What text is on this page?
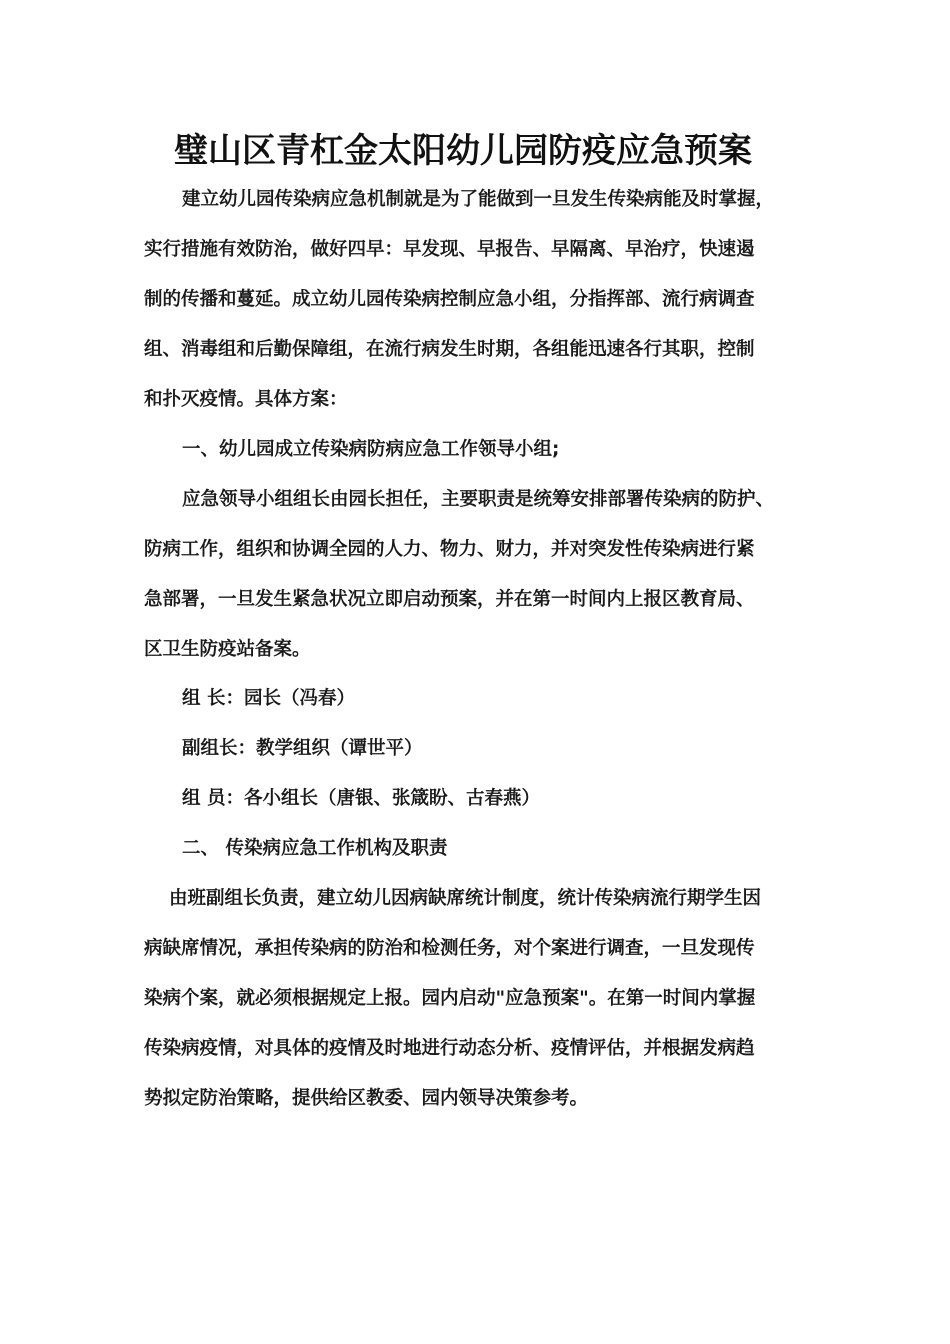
璧山区青杠金太阳幼儿园防疫应急预案
建立幼儿园传染病应急机制就是为了能做到一旦发生传染病能及时掌握，
实行措施有效防治，做好四早：早发现、早报告、早隔离、早治疗，快速遏
制的传播和蔓延。成立幼儿园传染病控制应急小组，分指挥部、流行病调查
组、消毒组和后勤保障组，在流行病发生时期，各组能迅速各行其职，控制
和扑灭疫情。具体方案：
一、幼儿园成立传染病防病应急工作领导小组;
应急领导小组组长由园长担任，主要职责是统筹安排部署传染病的防护、
防病工作，组织和协调全园的人力、物力、财力，并对突发性传染病进行紧
急部署，一旦发生紧急状况立即启动预案，并在第一时间内上报区教育局、
区卫生防疫站备案。
组 长：园长（冯春）
副组长：教学组织（谭世平）
组 员：各小组长（唐银、张箴盼、古春燕）
二、 传染病应急工作机构及职责
由班副组长负责，建立幼儿因病缺席统计制度，统计传染病流行期学生因
病缺席情况，承担传染病的防治和检测任务，对个案进行调查，一旦发现传
染病个案，就必须根据规定上报。园内启动"应急预案"。在第一时间内掌握
传染病疫情，对具体的疫情及时地进行动态分析、疫情评估，并根据发病趋
势拟定防治策略，提供给区教委、园内领导决策参考。
